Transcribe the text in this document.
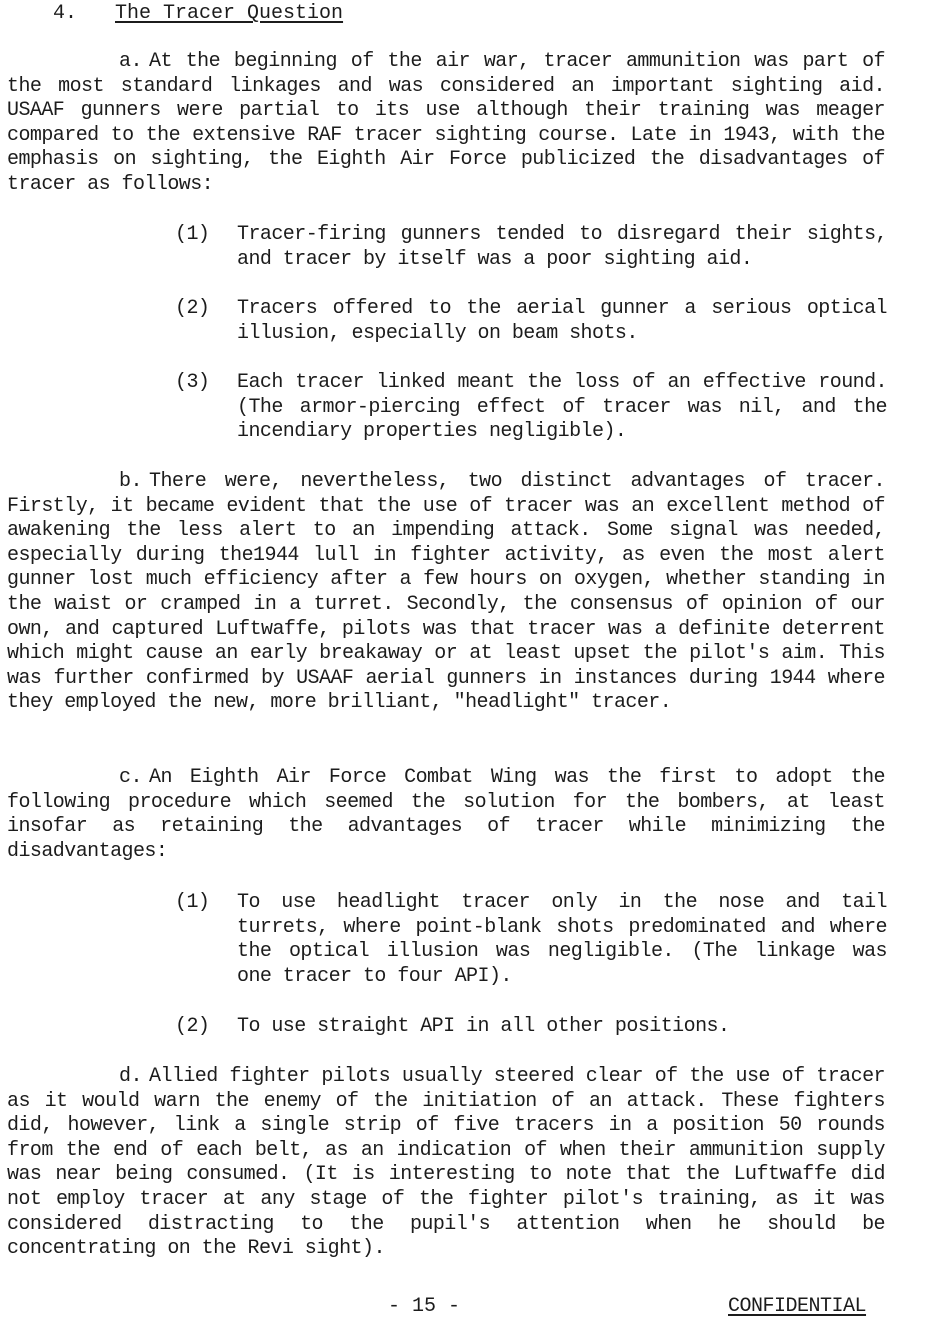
4. The Tracer Question

a. At the beginning of the air war, tracer ammunition was part of the most standard linkages and was considered an important sighting aid. USAAF gunners were partial to its use although their training was meager compared to the extensive RAF tracer sighting course. Late in 1943, with the emphasis on sighting, the Eighth Air Force publicized the disadvantages of tracer as follows:

(1)	Tracer-firing gunners tended to disregard their sights, and tracer by itself was a poor sighting aid.
(2)	Tracers offered to the aerial gunner a serious optical illusion, especially on beam shots.
(3)	Each tracer linked meant the loss of an effective round. (The armor-piercing effect of tracer was nil, and the incendiary properties negligible).

b. There were, nevertheless, two distinct advantages of tracer. Firstly, it became evident that the use of tracer was an excellent method of awakening the less alert to an impending attack. Some signal was needed, especially during the1944 lull in fighter activity, as even the most alert gunner lost much efficiency after a few hours on oxygen, whether standing in the waist or cramped in a turret. Secondly, the consensus of opinion of our own, and captured Luftwaffe, pilots was that tracer was a definite deterrent which might cause an early breakaway or at least upset the pilot's aim. This was further confirmed by USAAF aerial gunners in instances during 1944 where they employed the new, more brilliant, "headlight" tracer.

c. An Eighth Air Force Combat Wing was the first to adopt the following procedure which seemed the solution for the bombers, at least insofar as retaining the advantages of tracer while minimizing the disadvantages:

(1)	To use headlight tracer only in the nose and tail turrets, where point-blank shots predominated and where the optical illusion was negligible. (The linkage was one tracer to four API).
(2)	To use straight API in all other positions.

d. Allied fighter pilots usually steered clear of the use of tracer as it would warn the enemy of the initiation of an attack. These fighters did, however, link a single strip of five tracers in a position 50 rounds from the end of each belt, as an indication of when their ammunition supply was near being consumed. (It is interesting to note that the Luftwaffe did not employ tracer at any stage of the fighter pilot's training, as it was considered distracting to the pupil's attention when he should be concentrating on the Revi sight).

- 15 -	CONFIDENTIAL
